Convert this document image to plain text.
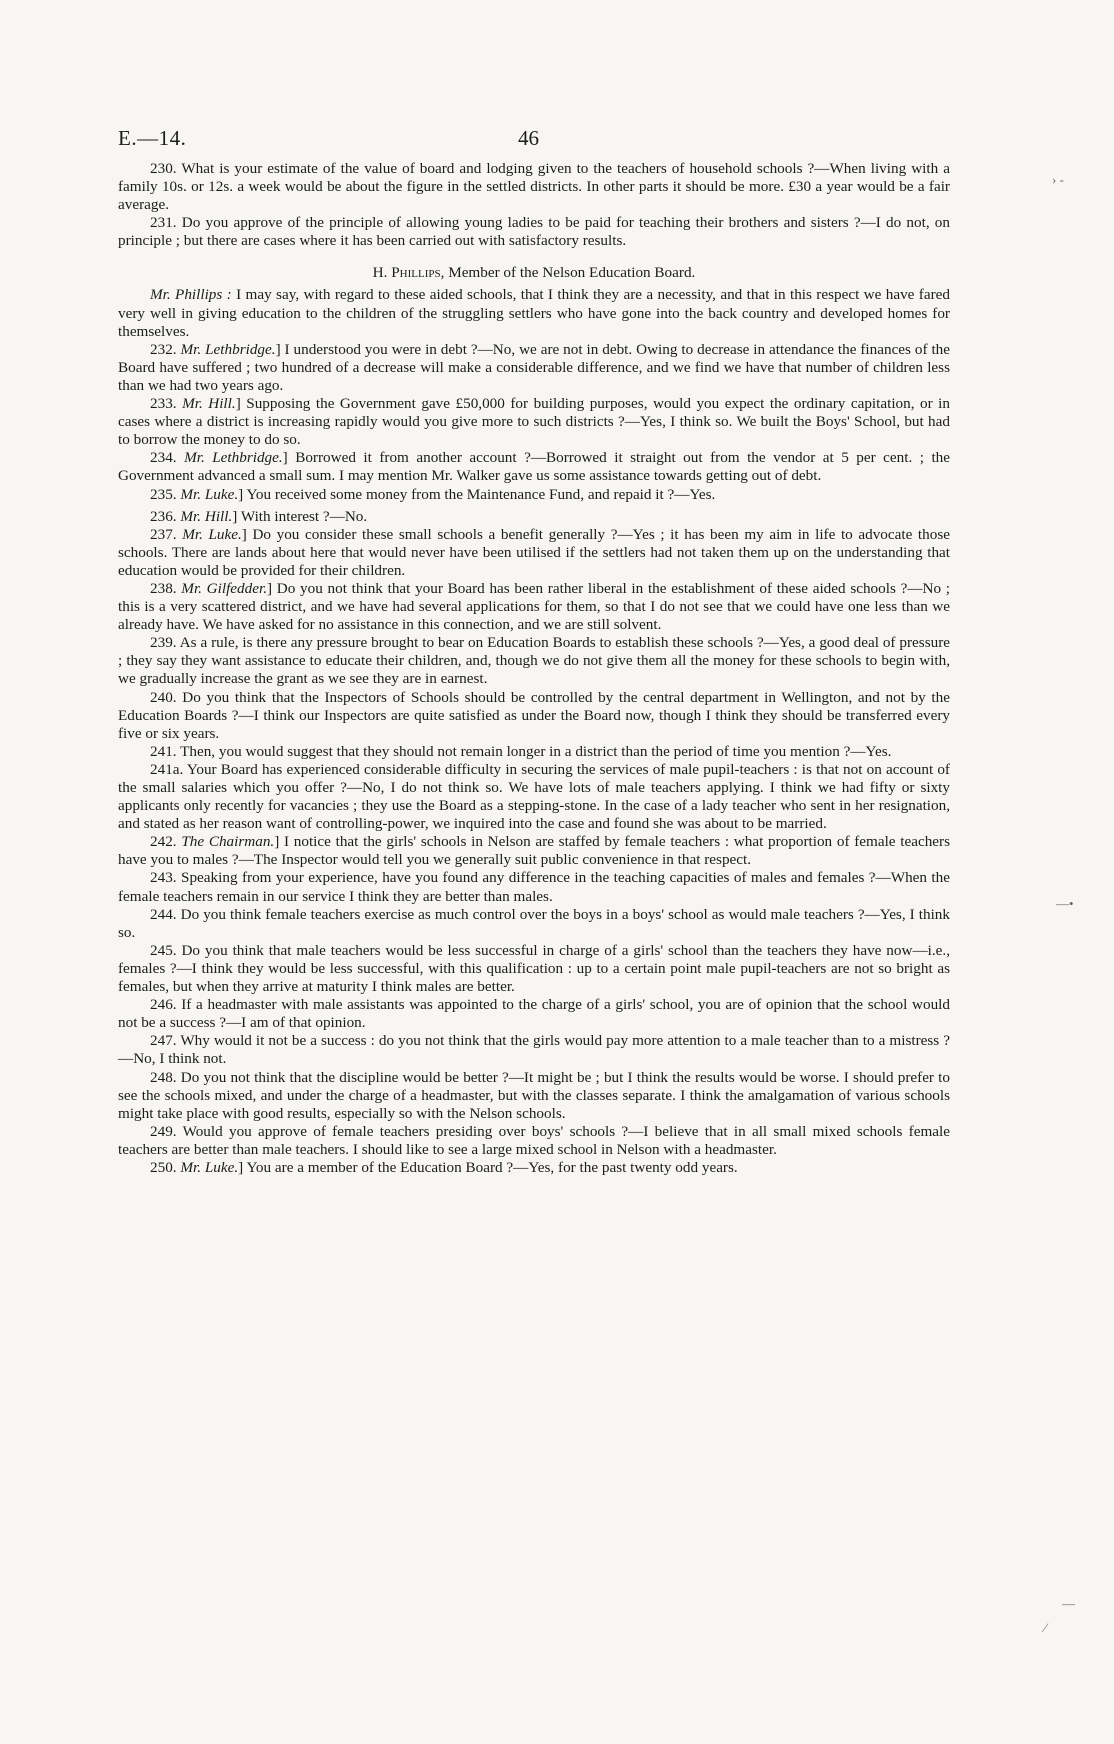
E.—14.	46

230. What is your estimate of the value of board and lodging given to the teachers of household schools ?—When living with a family 10s. or 12s. a week would be about the figure in the settled districts. In other parts it should be more. £30 a year would be a fair average.

231. Do you approve of the principle of allowing young ladies to be paid for teaching their brothers and sisters ?—I do not, on principle ; but there are cases where it has been carried out with satisfactory results.

H. Phillips, Member of the Nelson Education Board.

Mr. Phillips : I may say, with regard to these aided schools, that I think they are a necessity, and that in this respect we have fared very well in giving education to the children of the struggling settlers who have gone into the back country and developed homes for themselves.

232. Mr. Lethbridge.] I understood you were in debt ?—No, we are not in debt. Owing to decrease in attendance the finances of the Board have suffered ; two hundred of a decrease will make a considerable difference, and we find we have that number of children less than we had two years ago.

233. Mr. Hill.] Supposing the Government gave £50,000 for building purposes, would you expect the ordinary capitation, or in cases where a district is increasing rapidly would you give more to such districts ?—Yes, I think so. We built the Boys' School, but had to borrow the money to do so.

234. Mr. Lethbridge.] Borrowed it from another account ?—Borrowed it straight out from the vendor at 5 per cent. ; the Government advanced a small sum. I may mention Mr. Walker gave us some assistance towards getting out of debt.

235. Mr. Luke.] You received some money from the Maintenance Fund, and repaid it ?—Yes.

236. Mr. Hill.] With interest ?—No.

237. Mr. Luke.] Do you consider these small schools a benefit generally ?—Yes ; it has been my aim in life to advocate those schools. There are lands about here that would never have been utilised if the settlers had not taken them up on the understanding that education would be provided for their children.

238. Mr. Gilfedder.] Do you not think that your Board has been rather liberal in the establishment of these aided schools ?—No ; this is a very scattered district, and we have had several applications for them, so that I do not see that we could have one less than we already have. We have asked for no assistance in this connection, and we are still solvent.

239. As a rule, is there any pressure brought to bear on Education Boards to establish these schools ?—Yes, a good deal of pressure ; they say they want assistance to educate their children, and, though we do not give them all the money for these schools to begin with, we gradually increase the grant as we see they are in earnest.

240. Do you think that the Inspectors of Schools should be controlled by the central department in Wellington, and not by the Education Boards ?—I think our Inspectors are quite satisfied as under the Board now, though I think they should be transferred every five or six years.

241. Then, you would suggest that they should not remain longer in a district than the period of time you mention ?—Yes.

241a. Your Board has experienced considerable difficulty in securing the services of male pupil-teachers : is that not on account of the small salaries which you offer ?—No, I do not think so. We have lots of male teachers applying. I think we had fifty or sixty applicants only recently for vacancies ; they use the Board as a stepping-stone. In the case of a lady teacher who sent in her resignation, and stated as her reason want of controlling-power, we inquired into the case and found she was about to be married.

242. The Chairman.] I notice that the girls' schools in Nelson are staffed by female teachers : what proportion of female teachers have you to males ?—The Inspector would tell you we generally suit public convenience in that respect.

243. Speaking from your experience, have you found any difference in the teaching capacities of males and females ?—When the female teachers remain in our service I think they are better than males.

244. Do you think female teachers exercise as much control over the boys in a boys' school as would male teachers ?—Yes, I think so.

245. Do you think that male teachers would be less successful in charge of a girls' school than the teachers they have now—i.e., females ?—I think they would be less successful, with this qualification : up to a certain point male pupil-teachers are not so bright as females, but when they arrive at maturity I think males are better.

246. If a headmaster with male assistants was appointed to the charge of a girls' school, you are of opinion that the school would not be a success ?—I am of that opinion.

247. Why would it not be a success : do you not think that the girls would pay more attention to a male teacher than to a mistress ?—No, I think not.

248. Do you not think that the discipline would be better ?—It might be ; but I think the results would be worse. I should prefer to see the schools mixed, and under the charge of a headmaster, but with the classes separate. I think the amalgamation of various schools might take place with good results, especially so with the Nelson schools.

249. Would you approve of female teachers presiding over boys' schools ?—I believe that in all small mixed schools female teachers are better than male teachers. I should like to see a large mixed school in Nelson with a headmaster.

250. Mr. Luke.] You are a member of the Education Board ?—Yes, for the past twenty odd years.

› -
—•
—
⁄
